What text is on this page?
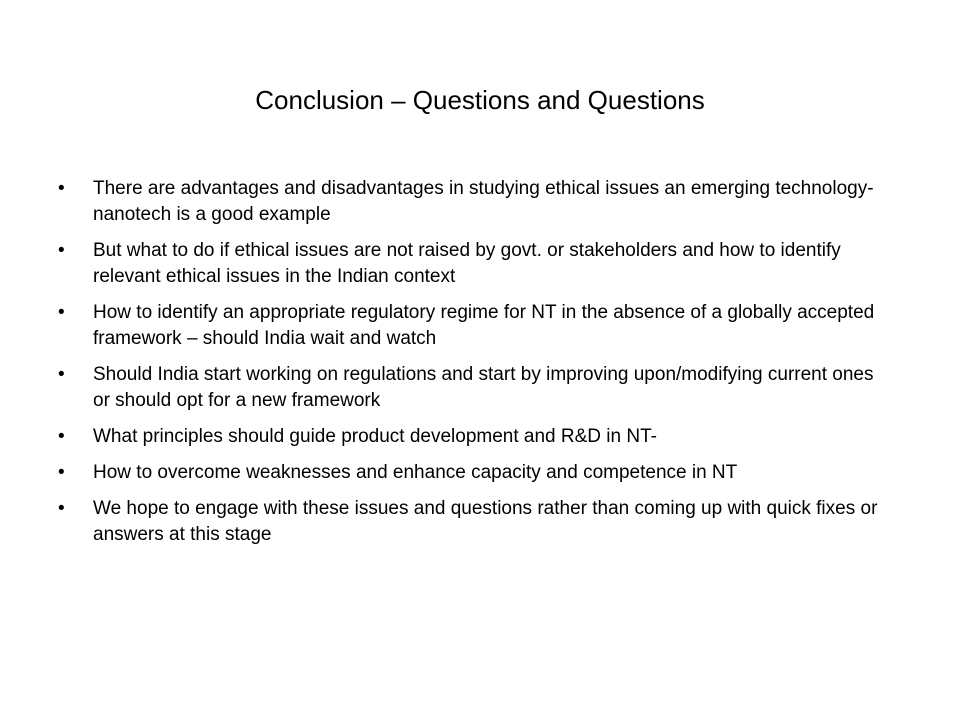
Conclusion – Questions and Questions
• There are advantages and disadvantages in studying ethical issues an emerging technology- nanotech is a good example
• But what to do if ethical issues are not raised by govt. or stakeholders and how to identify relevant ethical issues in the Indian context
• How to identify an appropriate regulatory regime for NT in the absence of a globally accepted framework – should India wait and watch
• Should India start working on regulations and start by improving upon/modifying current ones or should opt for a new framework
• What principles should guide product development and R&D in NT-
• How to overcome weaknesses and enhance capacity and competence in NT
• We hope to engage with these issues and questions rather than coming up with quick fixes or answers at this stage
